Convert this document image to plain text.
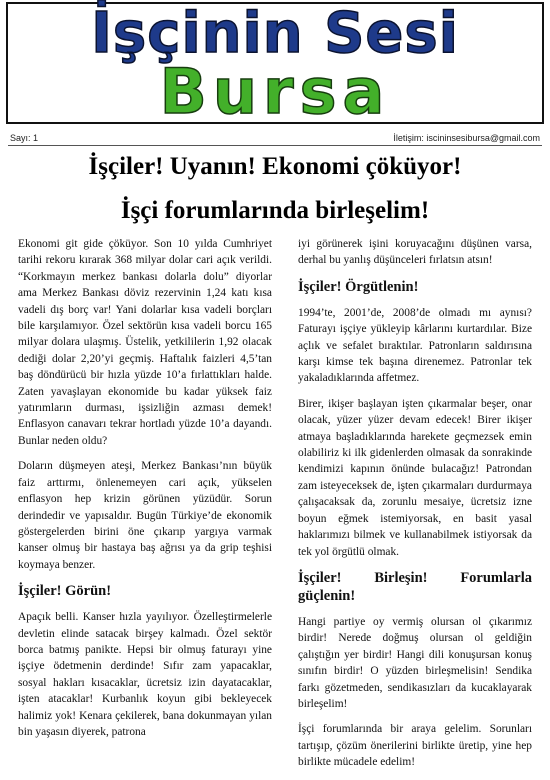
İşçinin Sesi
Bursa
Sayı: 1	İletişim: iscininsesibursa@gmail.com
İşçiler! Uyanın! Ekonomi çöküyor!
İşçi forumlarında birleşelim!

Ekonomi git gide çöküyor. Son 10 yılda Cumhriyet tarihi rekoru kırarak 368 milyar dolar cari açık verildi. “Korkmayın merkez bankası dolarla dolu” diyorlar ama Merkez Bankası döviz rezervinin 1,24 katı kısa vadeli dış borç var! Yani dolarlar kısa vadeli borçları bile karşılamıyor. Özel sektörün kısa vadeli borcu 165 milyar dolara ulaşmış. Üstelik, yetkililerin 1,92 olacak dediği dolar 2,20’yi geçmiş. Haftalık faizleri 4,5’tan baş döndürücü bir hızla yüzde 10’a fırlattıkları halde. Zaten yavaşlayan ekonomide bu kadar yüksek faiz yatırımların durması, işsizliğin azması demek! Enflasyon canavarı tekrar hortladı yüzde 10’a dayandı. Bunlar neden oldu?

Doların düşmeyen ateşi, Merkez Bankası’nın büyük faiz arttırmı, önlenemeyen cari açık, yükselen enflasyon hep krizin görünen yüzüdür. Sorun derindedir ve yapısaldır. Bugün Türkiye’de ekonomik göstergelerden birini öne çıkarıp yargıya varmak kanser olmuş bir hastaya baş ağrısı ya da grip teşhisi koymaya benzer.

İşçiler! Görün!

Apaçık belli. Kanser hızla yayılıyor. Özelleştirmelerle devletin elinde satacak birşey kalmadı. Özel sektör borca batmış panikte. Hepsi bir olmuş faturayı yine işçiye ödetmenin derdinde! Sıfır zam yapacaklar, sosyal hakları kısacaklar, ücretsiz izin dayatacaklar, işten atacaklar! Kurbanlık koyun gibi bekleyecek halimiz yok! Kenara çekilerek, bana dokunmayan yılan bin yaşasın diyerek, patrona

iyi görünerek işini koruyacağını düşünen varsa, derhal bu yanlış düşünceleri fırlatsın atsın!

İşçiler! Örgütlenin!

1994’te, 2001’de, 2008’de olmadı mı aynısı? Faturayı işçiye yükleyip kârlarını kurtardılar. Bize açlık ve sefalet bıraktılar. Patronların saldırısına karşı kimse tek başına direnemez. Patronlar tek yakaladıklarında affetmez.

Birer, ikişer başlayan işten çıkarmalar beşer, onar olacak, yüzer yüzer devam edecek! Birer ikişer atmaya başladıklarında harekete geçmezsek emin olabiliriz ki ilk gidenlerden olmasak da sonrakinde kendimizi kapının önünde bulacağız! Patrondan zam isteyeceksek de, işten çıkarmaları durdurmaya çalışacaksak da, zorunlu mesaiye, ücretsiz izne boyun eğmek istemiyorsak, en basit yasal haklarımızı bilmek ve kullanabilmek istiyorsak da tek yol örgütlü olmak.

İşçiler! Birleşin! Forumlarla güçlenin!

Hangi partiye oy vermiş olursan ol çıkarımız birdir! Nerede doğmuş olursan ol geldiğin çalıştığın yer birdir! Hangi dili konuşursan konuş sınıfın birdir! O yüzden birleşmelisin! Sendika farkı gözetmeden, sendikasızları da kucaklayarak birleşelim!

İşçi forumlarında bir araya gelelim. Sorunları tartışıp, çözüm önerilerini birlikte üretip, yine hep birlikte mücadele edelim!
